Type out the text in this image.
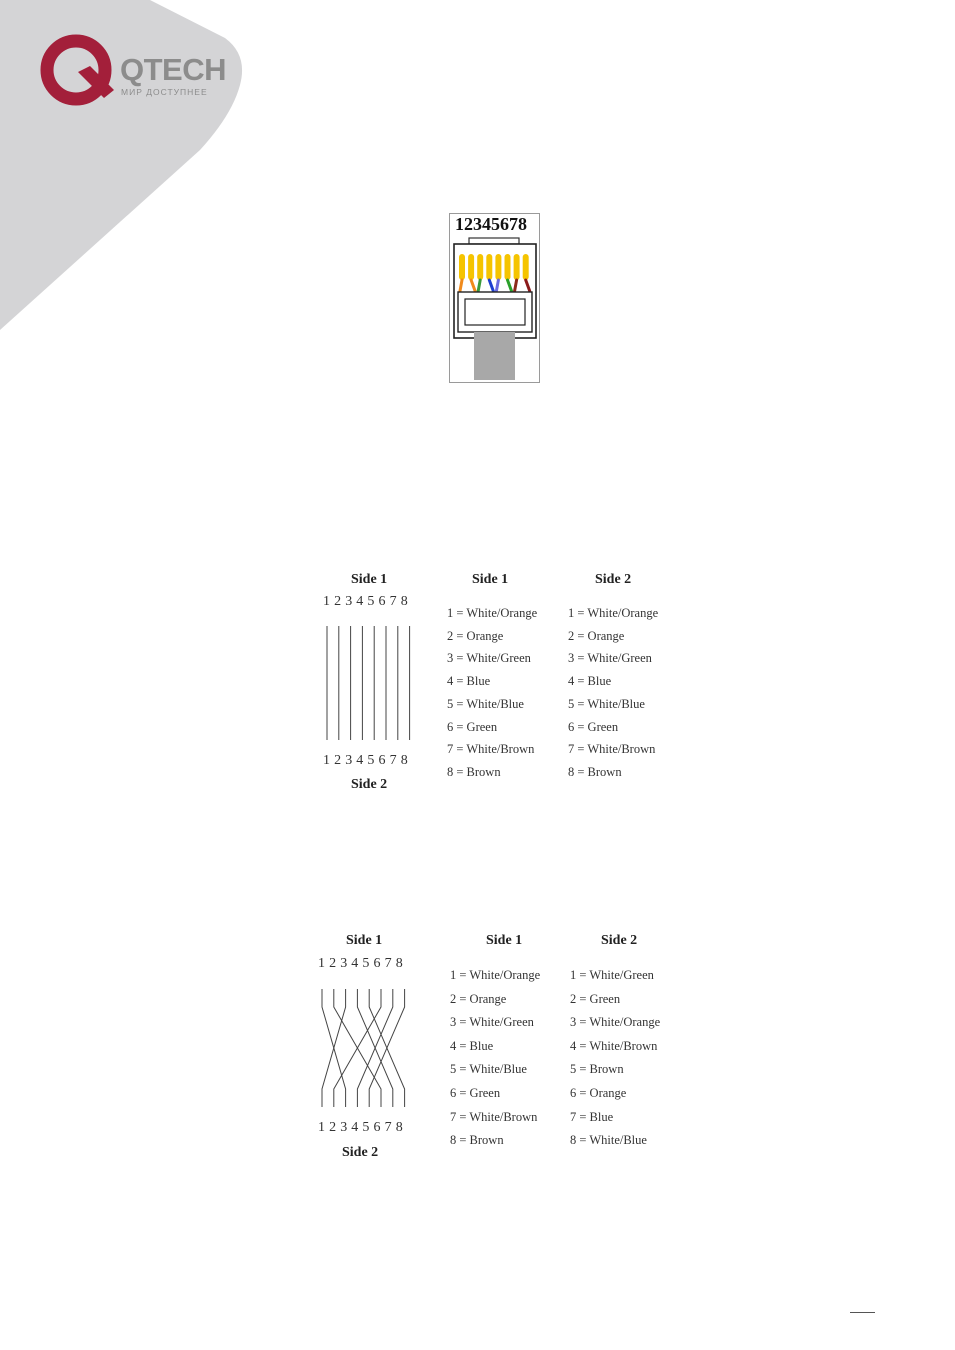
QTECH
МИР ДОСТУПНЕЕ
12345678
Side 1
1 2 3 4 5 6 7 8
1 2 3 4 5 6 7 8
Side 2
Side 1	Side 2
1 = White/Orange
2 = Orange
3 = White/Green
4 = Blue
5 = White/Blue
6 = Green
7 = White/Brown
8 = Brown
1 = White/Orange
2 = Orange
3 = White/Green
4 = Blue
5 = White/Blue
6 = Green
7 = White/Brown
8 = Brown
Side 1
1 2 3 4 5 6 7 8
1 2 3 4 5 6 7 8
Side 2
Side 1	Side 2
1 = White/Orange
2 = Orange
3 = White/Green
4 = Blue
5 = White/Blue
6 = Green
7 = White/Brown
8 = Brown
1 = White/Green
2 = Green
3 = White/Orange
4 = White/Brown
5 = Brown
6 = Orange
7 = Blue
8 = White/Blue
